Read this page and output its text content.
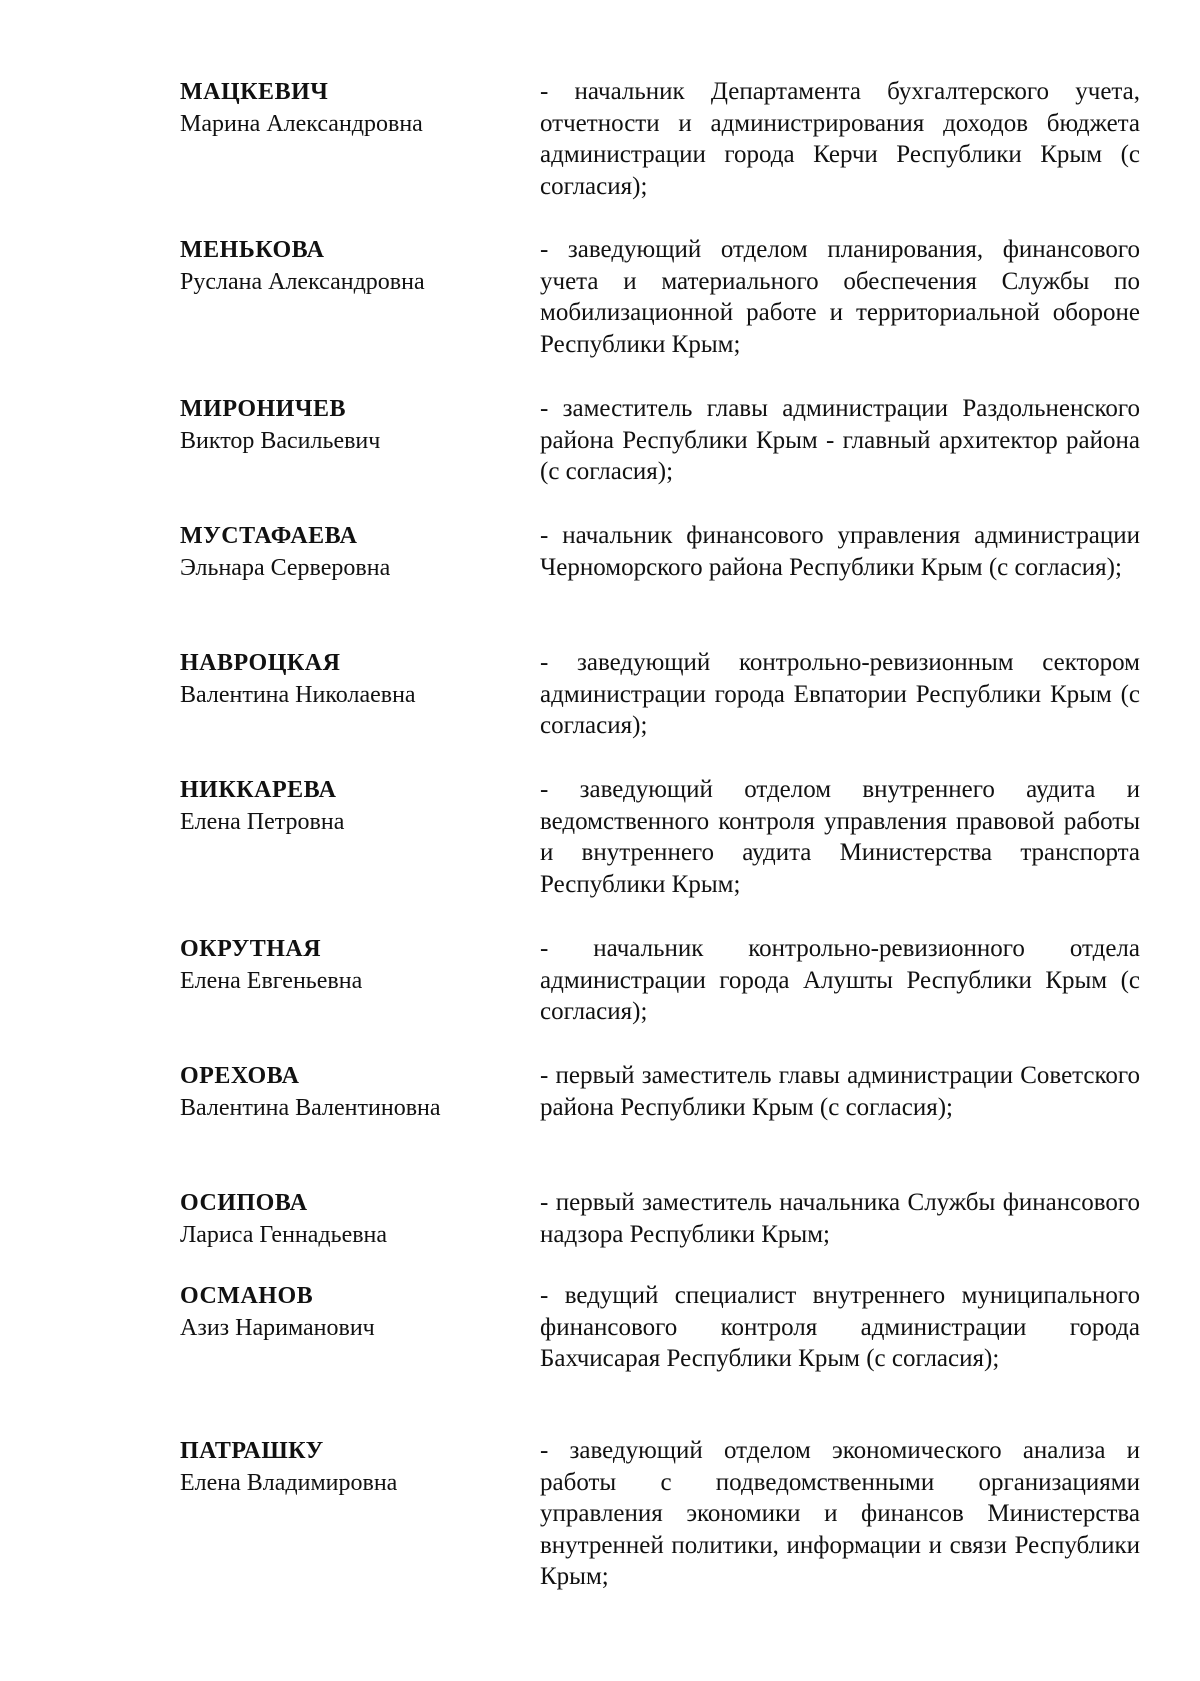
МАЦКЕВИЧ
Марина Александровна
- начальник Департамента бухгалтерского учета, отчетности и администрирования доходов бюджета администрации города Керчи Республики Крым (с согласия);
МЕНЬКОВА
Руслана Александровна
- заведующий отделом планирования, финансового учета и материального обеспечения Службы по мобилизационной работе и территориальной обороне Республики Крым;
МИРОНИЧЕВ
Виктор Васильевич
- заместитель главы администрации Раздольненского района Республики Крым - главный архитектор района (с согласия);
МУСТАФАЕВА
Эльнара Серверовна
- начальник финансового управления администрации Черноморского района Республики Крым (с согласия);
НАВРОЦКАЯ
Валентина Николаевна
- заведующий контрольно-ревизионным сектором администрации города Евпатории Республики Крым (с согласия);
НИККАРЕВА
Елена Петровна
- заведующий отделом внутреннего аудита и ведомственного контроля управления правовой работы и внутреннего аудита Министерства транспорта Республики Крым;
ОКРУТНАЯ
Елена Евгеньевна
- начальник контрольно-ревизионного отдела администрации города Алушты Республики Крым (с согласия);
ОРЕХОВА
Валентина Валентиновна
- первый заместитель главы администрации Советского района Республики Крым (с согласия);
ОСИПОВА
Лариса Геннадьевна
- первый заместитель начальника Службы финансового надзора Республики Крым;
ОСМАНОВ
Азиз Нариманович
- ведущий специалист внутреннего муниципального финансового контроля администрации города Бахчисарая Республики Крым (с согласия);
ПАТРАШКУ
Елена Владимировна
- заведующий отделом экономического анализа и работы с подведомственными организациями управления экономики и финансов Министерства внутренней политики, информации и связи Республики Крым;
